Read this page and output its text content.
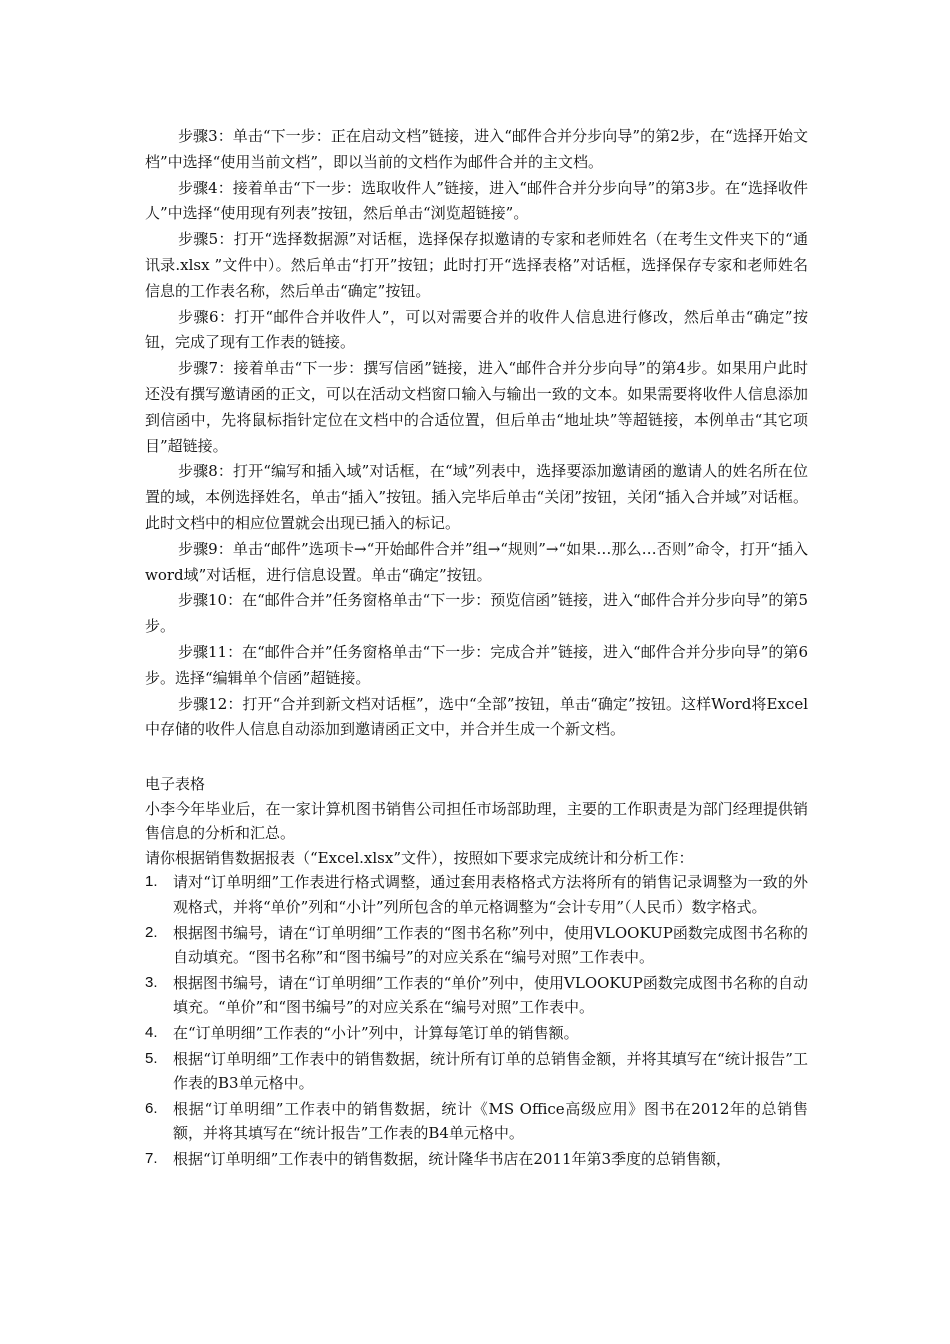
步骤3：单击“下一步：正在启动文档”链接，进入“邮件合并分步向导”的第2步，在“选择开始文档”中选择“使用当前文档”，即以当前的文档作为邮件合并的主文档。

步骤4：接着单击“下一步：选取收件人”链接，进入“邮件合并分步向导”的第3步。在“选择收件人”中选择“使用现有列表”按钮，然后单击“浏览超链接”。

步骤5：打开“选择数据源”对话框，选择保存拟邀请的专家和老师姓名（在考生文件夹下的“通讯录.xlsx ”文件中）。然后单击“打开”按钮；此时打开“选择表格”对话框，选择保存专家和老师姓名信息的工作表名称，然后单击“确定”按钮。

步骤6：打开“邮件合并收件人”，可以对需要合并的收件人信息进行修改，然后单击“确定”按钮，完成了现有工作表的链接。

步骤7：接着单击“下一步：撰写信函”链接，进入“邮件合并分步向导”的第4步。如果用户此时还没有撰写邀请函的正文，可以在活动文档窗口输入与输出一致的文本。如果需要将收件人信息添加到信函中，先将鼠标指针定位在文档中的合适位置，但后单击“地址块”等超链接，本例单击“其它项目”超链接。

步骤8：打开“编写和插入域”对话框，在“域”列表中，选择要添加邀请函的邀请人的姓名所在位置的域，本例选择姓名，单击“插入”按钮。插入完毕后单击“关闭”按钮，关闭“插入合并域”对话框。此时文档中的相应位置就会出现已插入的标记。

步骤9：单击“邮件”选项卡→“开始邮件合并”组→“规则”→“如果…那么…否则”命令，打开“插入word域”对话框，进行信息设置。单击“确定”按钮。

步骤10：在“邮件合并”任务窗格单击“下一步：预览信函”链接，进入“邮件合并分步向导”的第5步。

步骤11：在“邮件合并”任务窗格单击“下一步：完成合并”链接，进入“邮件合并分步向导”的第6步。选择“编辑单个信函”超链接。

步骤12：打开“合并到新文档对话框”，选中“全部”按钮，单击“确定”按钮。这样Word将Excel中存储的收件人信息自动添加到邀请函正文中，并合并生成一个新文档。

电子表格

小李今年毕业后，在一家计算机图书销售公司担任市场部助理，主要的工作职责是为部门经理提供销售信息的分析和汇总。

请你根据销售数据报表（“Excel.xlsx”文件），按照如下要求完成统计和分析工作：

1. 请对“订单明细”工作表进行格式调整，通过套用表格格式方法将所有的销售记录调整为一致的外观格式，并将“单价”列和“小计”列所包含的单元格调整为“会计专用”（人民币）数字格式。
2. 根据图书编号，请在“订单明细”工作表的“图书名称”列中，使用VLOOKUP函数完成图书名称的自动填充。“图书名称”和“图书编号”的对应关系在“编号对照”工作表中。
3. 根据图书编号，请在“订单明细”工作表的“单价”列中，使用VLOOKUP函数完成图书名称的自动填充。“单价”和“图书编号”的对应关系在“编号对照”工作表中。
4. 在“订单明细”工作表的“小计”列中，计算每笔订单的销售额。
5. 根据“订单明细”工作表中的销售数据，统计所有订单的总销售金额，并将其填写在“统计报告”工作表的B3单元格中。
6. 根据“订单明细”工作表中的销售数据，统计《MS Office高级应用》图书在2012年的总销售额，并将其填写在“统计报告”工作表的B4单元格中。
7. 根据“订单明细”工作表中的销售数据，统计隆华书店在2011年第3季度的总销售额，
